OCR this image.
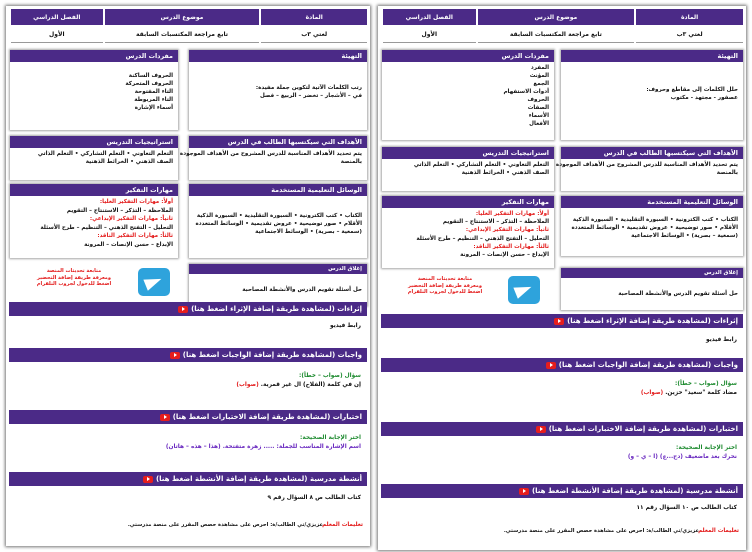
المادة
موضوع الدرس
الفصل الدراسي
لغتي ٣ب
تابع مراجعة المكتسبات السابقة
الأول
التهيئة
حلل الكلمات إلى مقاطع وحروف:
عصفور - مجتهد - مكتوب
مفردات الدرس
المفرد
المؤنث
الجمع
أدوات الاستفهام
الحروف
الصفات
الأسماء
الأفعال
الأهداف التي سيكتسبها الطالب في الدرس
يتم تحديد الأهداف المناسبة للدرس المشروح من الأهداف الموجودة
بالمنصة
استراتيجيات التدريس
التعلم التعاوني • التعلم التشاركي • التعلم الذاتي
الصف الذهني • الخرائط الذهنية
الوسائل التعليمية المستخدمة
الكتاب • كتب الكترونية • السبورة التقليدية • السبورة الذكية
الأقلام • صور توضيحية • عروض تقديمية • الوسائط المتعددة
(سمعية – بصرية) • الوسائط الاجتماعية
مهارات التفكير
أولاً: مهارات التفكير العليا:
الملاحظة – التذكر – الاستنتاج – التقويم
ثانياً: مهارات التفكير الإبداعي:
التحليل – التفتح الذهني – التنظيم – طرح الأسئلة
ثالثاً: مهارات التفكير الناقد:
الإبداع – حسن الإنصات – المرونة
إغلاق الدرس
حل أسئلة تقويم الدرس والأنشطة المصاحبة
متابعة تحديثات المنصة
ومعرفة طريقة إضافة التحضير
اضغط للدخول لجروب التلقرام
إثراءات (لمشاهدة طريقة إضافة الإثراء اضغط هنا)
رابط فيديو
واجبات (لمشاهدة طريقة إضافة الواجبات اضغط هنا)
سؤال (صواب – خطأ):
مضاد كلمة "سعيد" حزين. (صواب)
اختبارات (لمشاهدة طريقة إضافة الاختبارات اضغط هنا)
اختر الإجابة الصحيحة:
نحرك بعد ماضعيف (دج...ع) (ا – ي – و)
أنشطة مدرسية (لمشاهدة طريقة إضافة الأنشطة اضغط هنا)
كتاب الطالب ص ١٠ السؤال رقم ١١
تعليمات المعلم
عزيزي/تي الطالب/ة: احرص على مشاهدة حصص المقرر على منصة مدرستي.
المادة
موضوع الدرس
الفصل الدراسي
لغتي ٣ب
تابع مراجعة المكتسبات السابقة
الأول
التهيئة
رتب الكلمات الآتية لتكوين جملة مفيدة:
في – الأشجار – تخضر – الربيع – فصل
مفردات الدرس
الحروف الساكنة
الحروف المتحركة
التاء المفتوحة
التاء المربوطة
أسماء الإشارة
الأهداف التي سيكتسبها الطالب في الدرس
يتم تحديد الأهداف المناسبة للدرس المشروح من الأهداف الموجودة
بالمنصة
استراتيجيات التدريس
التعلم التعاوني • التعلم التشاركي • التعلم الذاتي
الصف الذهني • الخرائط الذهنية
الوسائل التعليمية المستخدمة
الكتاب • كتب الكترونية • السبورة التقليدية • السبورة الذكية
الأقلام • صور توضيحية • عروض تقديمية • الوسائط المتعددة
(سمعية – بصرية) • الوسائط الاجتماعية
مهارات التفكير
أولاً: مهارات التفكير العليا:
الملاحظة – التذكر – الاستنتاج – التقويم
ثانياً: مهارات التفكير الإبداعي:
التحليل – التفتح الذهني – التنظيم – طرح الأسئلة
ثالثاً: مهارات التفكير الناقد:
الإبداع – حسن الإنصات – المرونة
إغلاق الدرس
حل أسئلة تقويم الدرس والأنشطة المصاحبة
متابعة تحديثات المنصة
ومعرفة طريقة إضافة التحضير
اضغط للدخول لجروب التلقرام
إثراءات (لمشاهدة طريقة إضافة الإثراء اضغط هنا)
رابط فيديو
واجبات (لمشاهدة طريقة إضافة الواجبات اضغط هنا)
سؤال (صواب – خطأ):
إن في كلمة (الفلاح) ال غير قمرية. (صواب)
اختبارات (لمشاهدة طريقة إضافة الاختبارات اضغط هنا)
اختر الإجابة الصحيحة:
اسم الإشارة المناسب للجملة: ..... زهرة متفتحة. (هذا – هذه – هاتان)
أنشطة مدرسية (لمشاهدة طريقة إضافة الأنشطة اضغط هنا)
كتاب الطالب ص ٨ السؤال رقم ٩
تعليمات المعلم
عزيزي/تي الطالب/ة: احرص على مشاهدة حصص المقرر على منصة مدرستي.
